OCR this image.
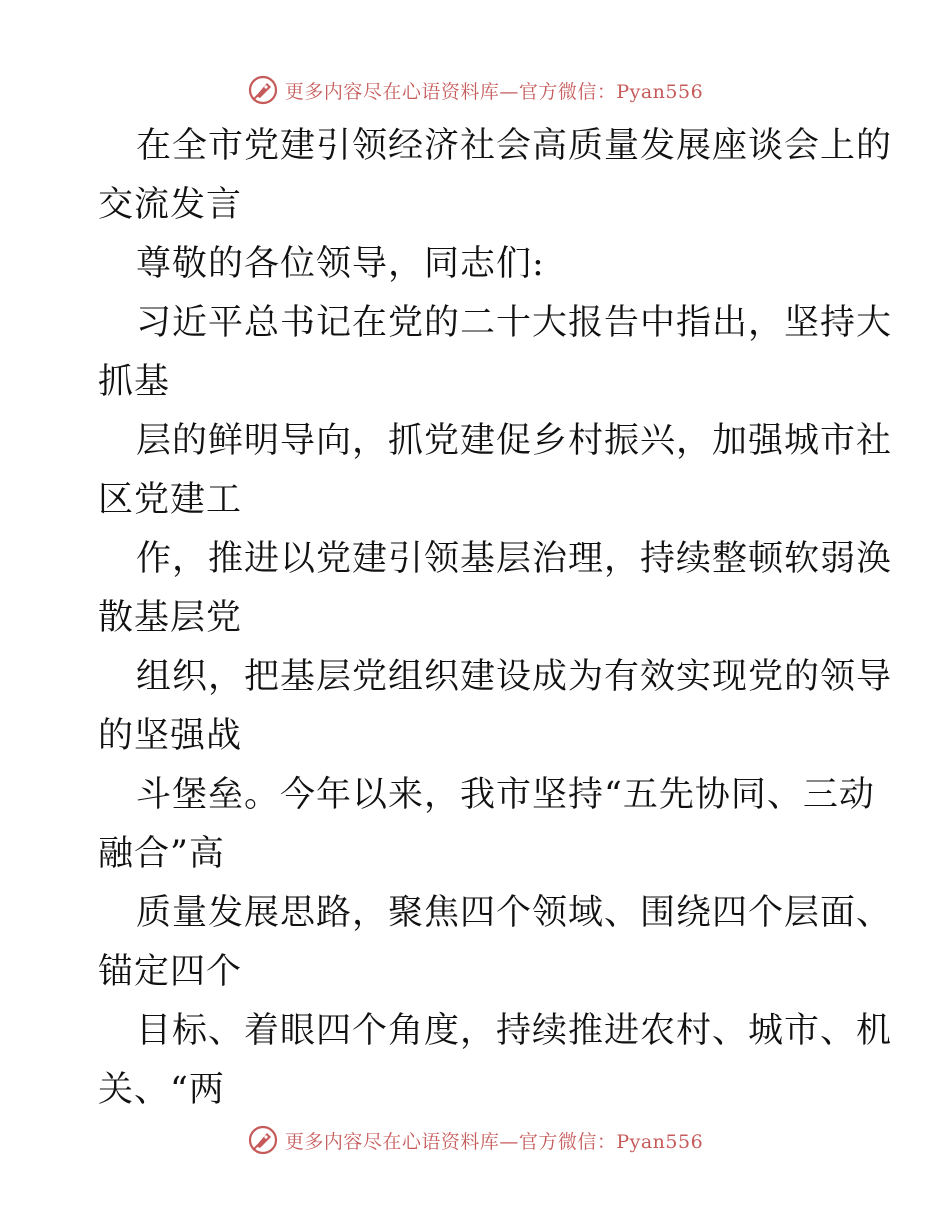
更多内容尽在心语资料库—官方微信：Pyan556
在全市党建引领经济社会高质量发展座谈会上的
交流发言
尊敬的各位领导，同志们:
习近平总书记在党的二十大报告中指出，坚持大
抓基
层的鲜明导向，抓党建促乡村振兴，加强城市社
区党建工
作，推进以党建引领基层治理，持续整顿软弱涣
散基层党
组织，把基层党组织建设成为有效实现党的领导
的坚强战
斗堡垒。今年以来，我市坚持“五先协同、三动
融合”高
质量发展思路，聚焦四个领域、围绕四个层面、
锚定四个
目标、着眼四个角度，持续推进农村、城市、机
关、“两
更多内容尽在心语资料库—官方微信：Pyan556
